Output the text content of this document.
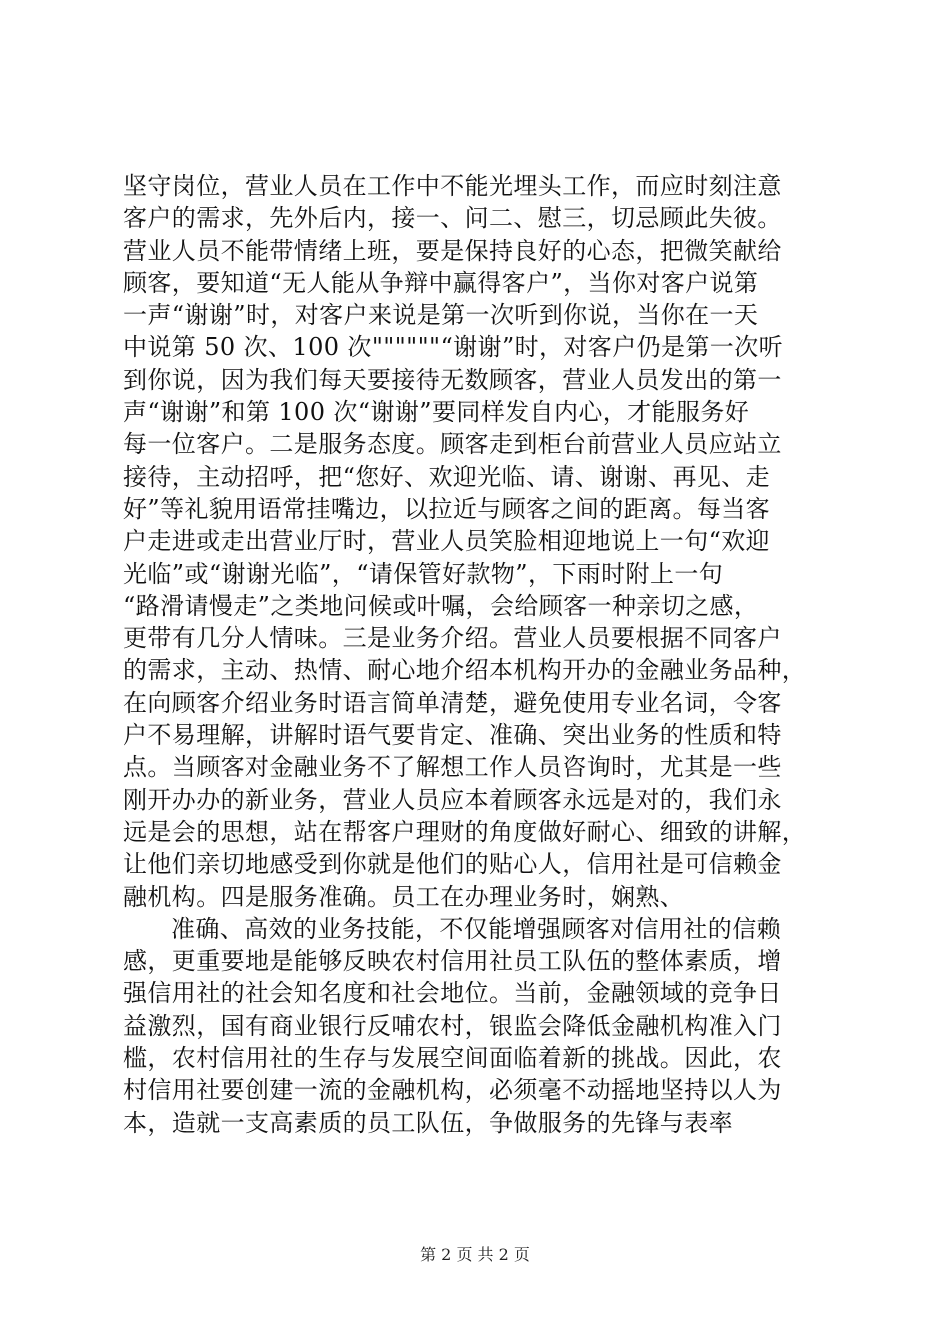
坚守岗位，营业人员在工作中不能光埋头工作，而应时刻注意
客户的需求，先外后内，接一、问二、慰三，切忌顾此失彼。
营业人员不能带情绪上班，要是保持良好的心态，把微笑献给
顾客，要知道“无人能从争辩中赢得客户”，当你对客户说第
一声“谢谢”时，对客户来说是第一次听到你说，当你在一天
中说第 50 次、100 次""""""“谢谢”时，对客户仍是第一次听
到你说，因为我们每天要接待无数顾客，营业人员发出的第一
声“谢谢”和第 100 次“谢谢”要同样发自内心，才能服务好
每一位客户。二是服务态度。顾客走到柜台前营业人员应站立
接待，主动招呼，把“您好、欢迎光临、请、谢谢、再见、走
好”等礼貌用语常挂嘴边，以拉近与顾客之间的距离。每当客
户走进或走出营业厅时，营业人员笑脸相迎地说上一句“欢迎
光临”或“谢谢光临”，“请保管好款物”，下雨时附上一句
“路滑请慢走”之类地问候或叶嘱，会给顾客一种亲切之感，
更带有几分人情味。三是业务介绍。营业人员要根据不同客户
的需求，主动、热情、耐心地介绍本机构开办的金融业务品种，
在向顾客介绍业务时语言简单清楚，避免使用专业名词，令客
户不易理解，讲解时语气要肯定、准确、突出业务的性质和特
点。当顾客对金融业务不了解想工作人员咨询时，尤其是一些
刚开办办的新业务，营业人员应本着顾客永远是对的，我们永
远是会的思想，站在帮客户理财的角度做好耐心、细致的讲解，
让他们亲切地感受到你就是他们的贴心人，信用社是可信赖金
融机构。四是服务准确。员工在办理业务时，娴熟、
准确、高效的业务技能，不仅能增强顾客对信用社的信赖
感，更重要地是能够反映农村信用社员工队伍的整体素质，增
强信用社的社会知名度和社会地位。当前，金融领域的竞争日
益激烈，国有商业银行反哺农村，银监会降低金融机构准入门
槛，农村信用社的生存与发展空间面临着新的挑战。因此，农
村信用社要创建一流的金融机构，必须毫不动摇地坚持以人为
本，造就一支高素质的员工队伍，争做服务的先锋与表率
第 2 页 共 2 页
